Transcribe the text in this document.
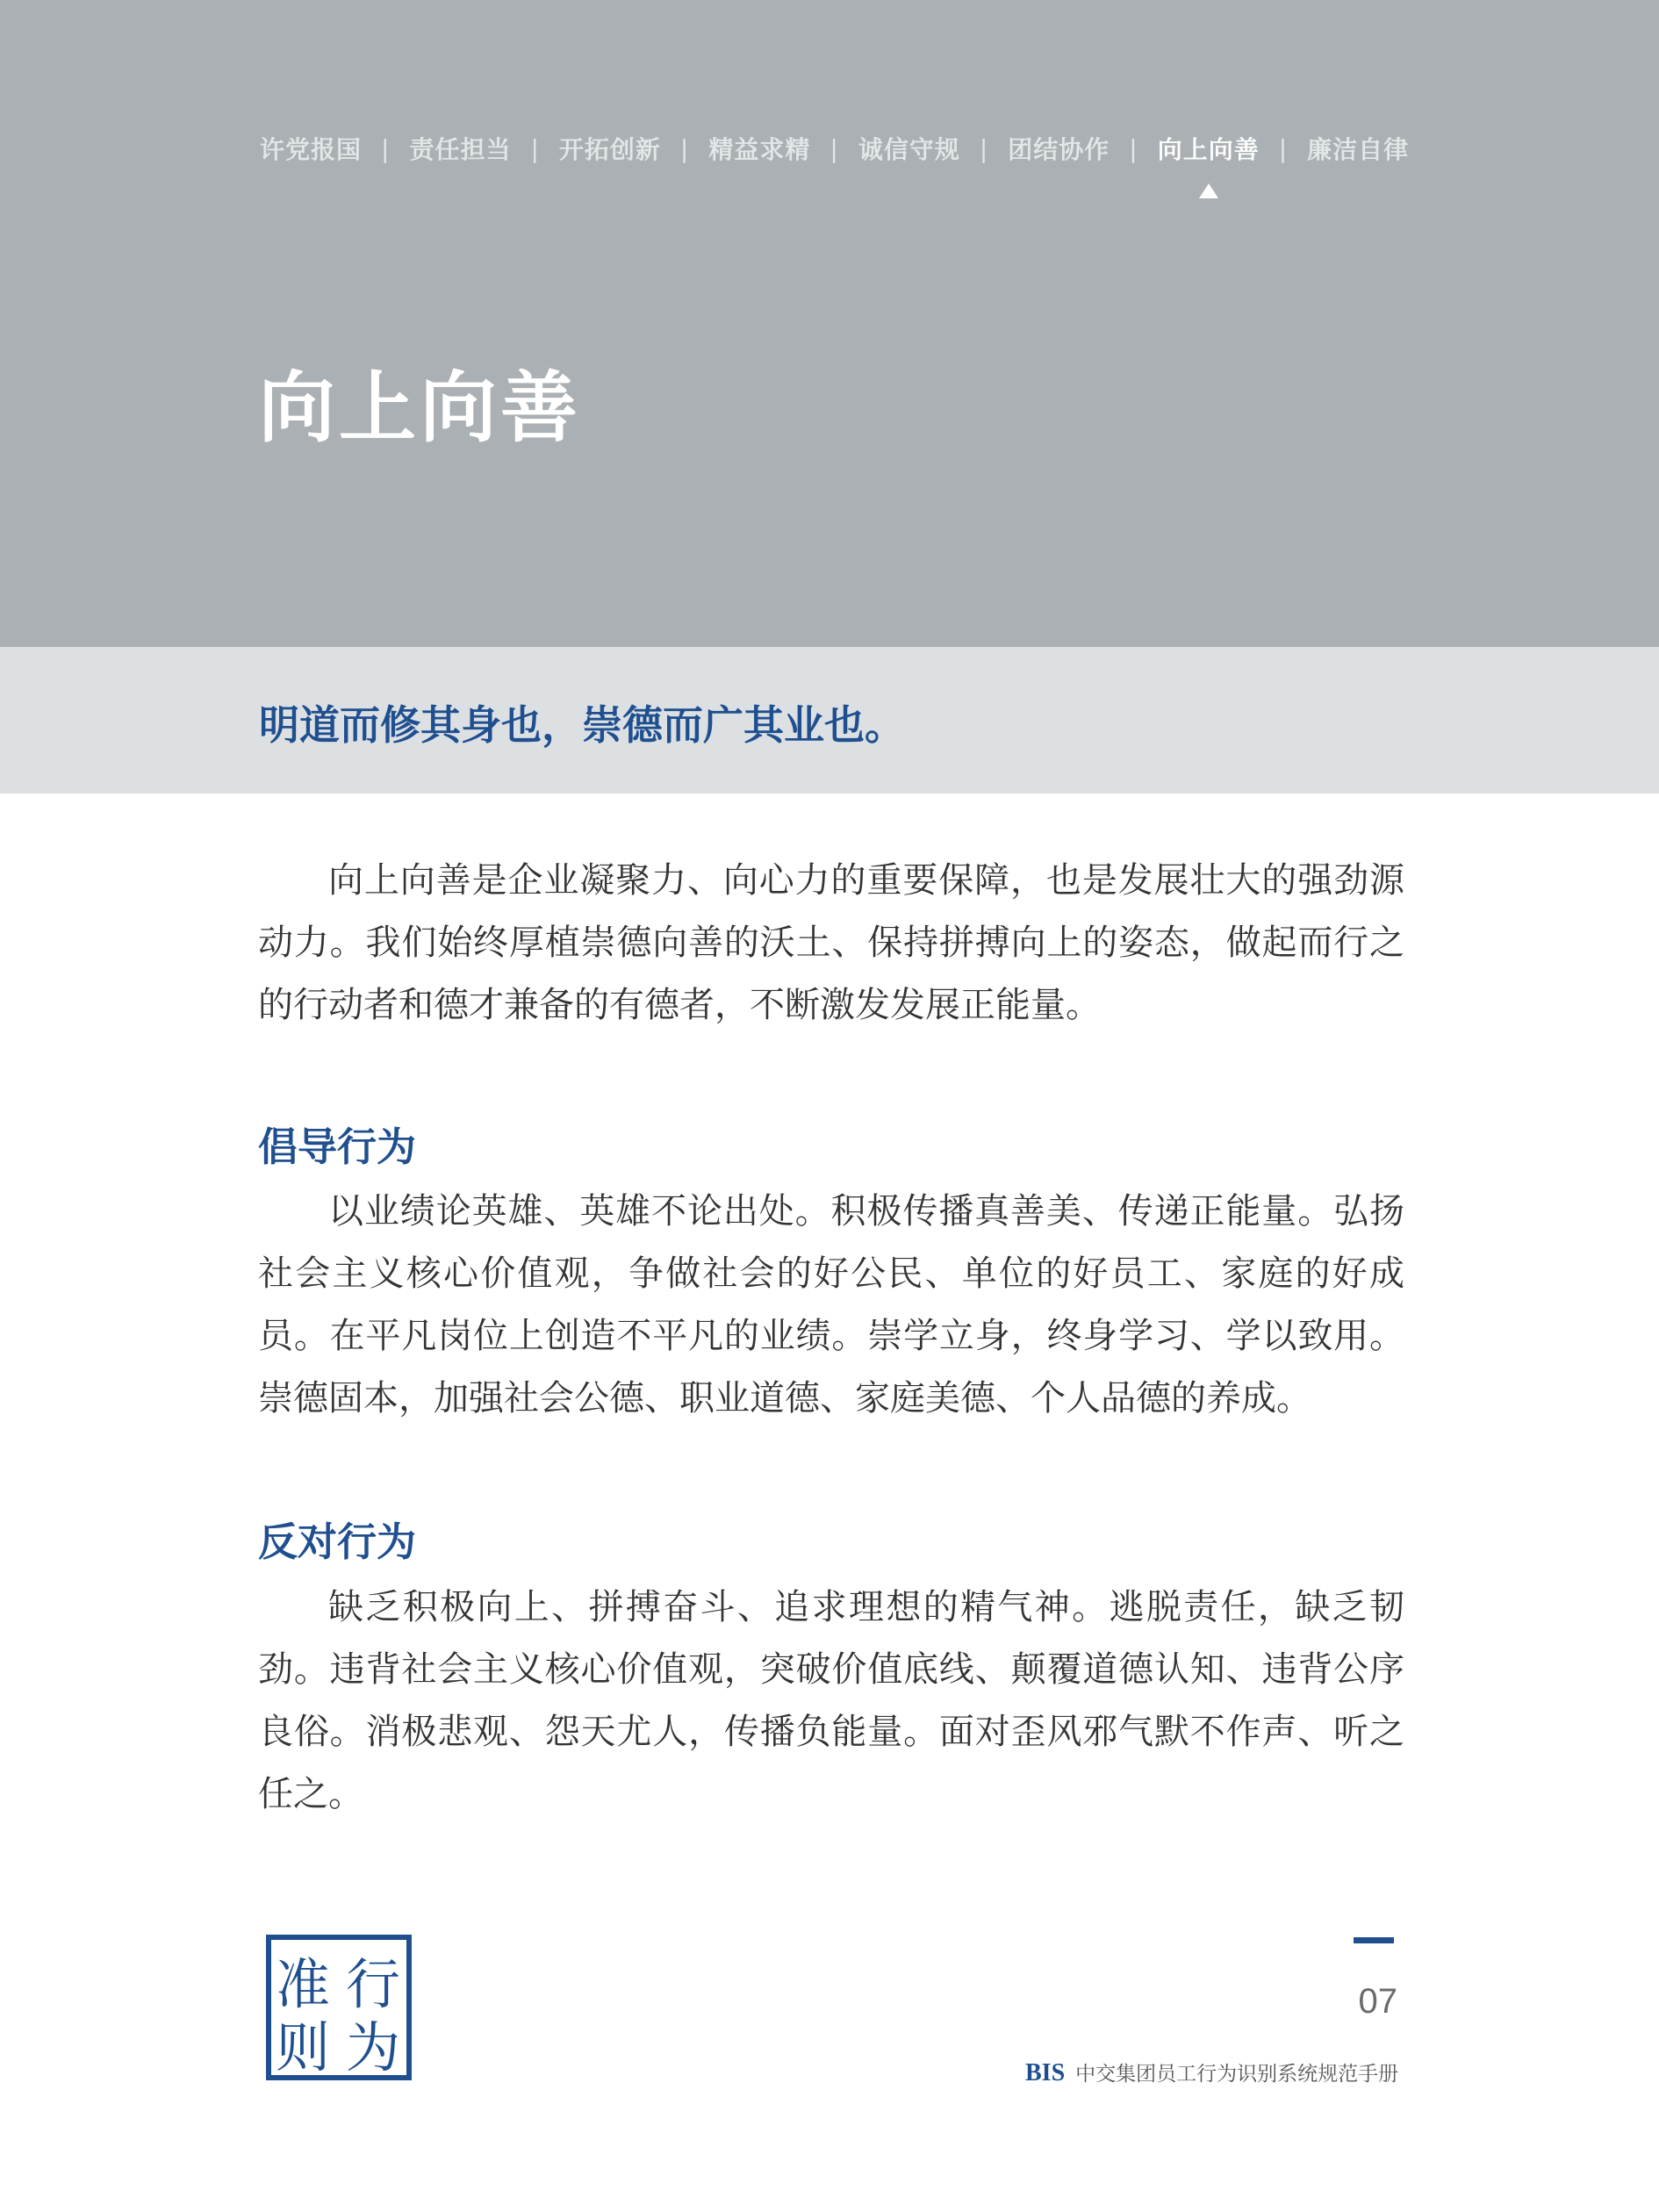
许党报国 | 责任担当 | 开拓创新 | 精益求精 | 诚信守规 | 团结协作 | 向上向善 | 廉洁自律
向上向善

明道而修其身也，崇德而广其业也。

向上向善是企业凝聚力、向心力的重要保障，也是发展壮大的强劲源动力。我们始终厚植崇德向善的沃土、保持拼搏向上的姿态，做起而行之的行动者和德才兼备的有德者，不断激发发展正能量。

倡导行为

以业绩论英雄、英雄不论出处。积极传播真善美、传递正能量。弘扬社会主义核心价值观，争做社会的好公民、单位的好员工、家庭的好成员。在平凡岗位上创造不平凡的业绩。崇学立身，终身学习、学以致用。崇德固本，加强社会公德、职业道德、家庭美德、个人品德的养成。

反对行为

缺乏积极向上、拼搏奋斗、追求理想的精气神。逃脱责任，缺乏韧劲。违背社会主义核心价值观，突破价值底线、颠覆道德认知、违背公序良俗。消极悲观、怨天尤人，传播负能量。面对歪风邪气默不作声、听之任之。

准 行
则 为
07
BIS 中交集团员工行为识别系统规范手册
